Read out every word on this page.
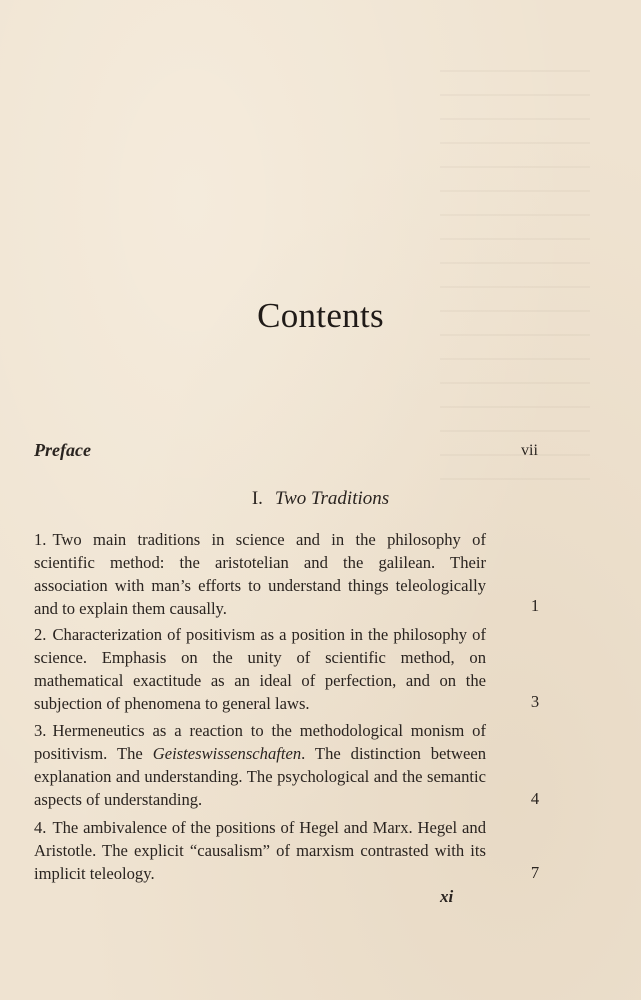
Contents
Preface	vii
I. Two Traditions
1. Two main traditions in science and in the philosophy of scientific method: the aristotelian and the galilean. Their association with man’s efforts to understand things teleologically and to explain them causally.	1
2. Characterization of positivism as a position in the philosophy of science. Emphasis on the unity of scientific method, on mathematical exactitude as an ideal of perfection, and on the subjection of phenomena to general laws.	3
3. Hermeneutics as a reaction to the methodological monism of positivism. The Geisteswissenschaften. The distinction between explanation and understanding. The psychological and the semantic aspects of understanding.	4
4. The ambivalence of the positions of Hegel and Marx. Hegel and Aristotle. The explicit “causalism” of marxism contrasted with its implicit teleology.	7
xi
